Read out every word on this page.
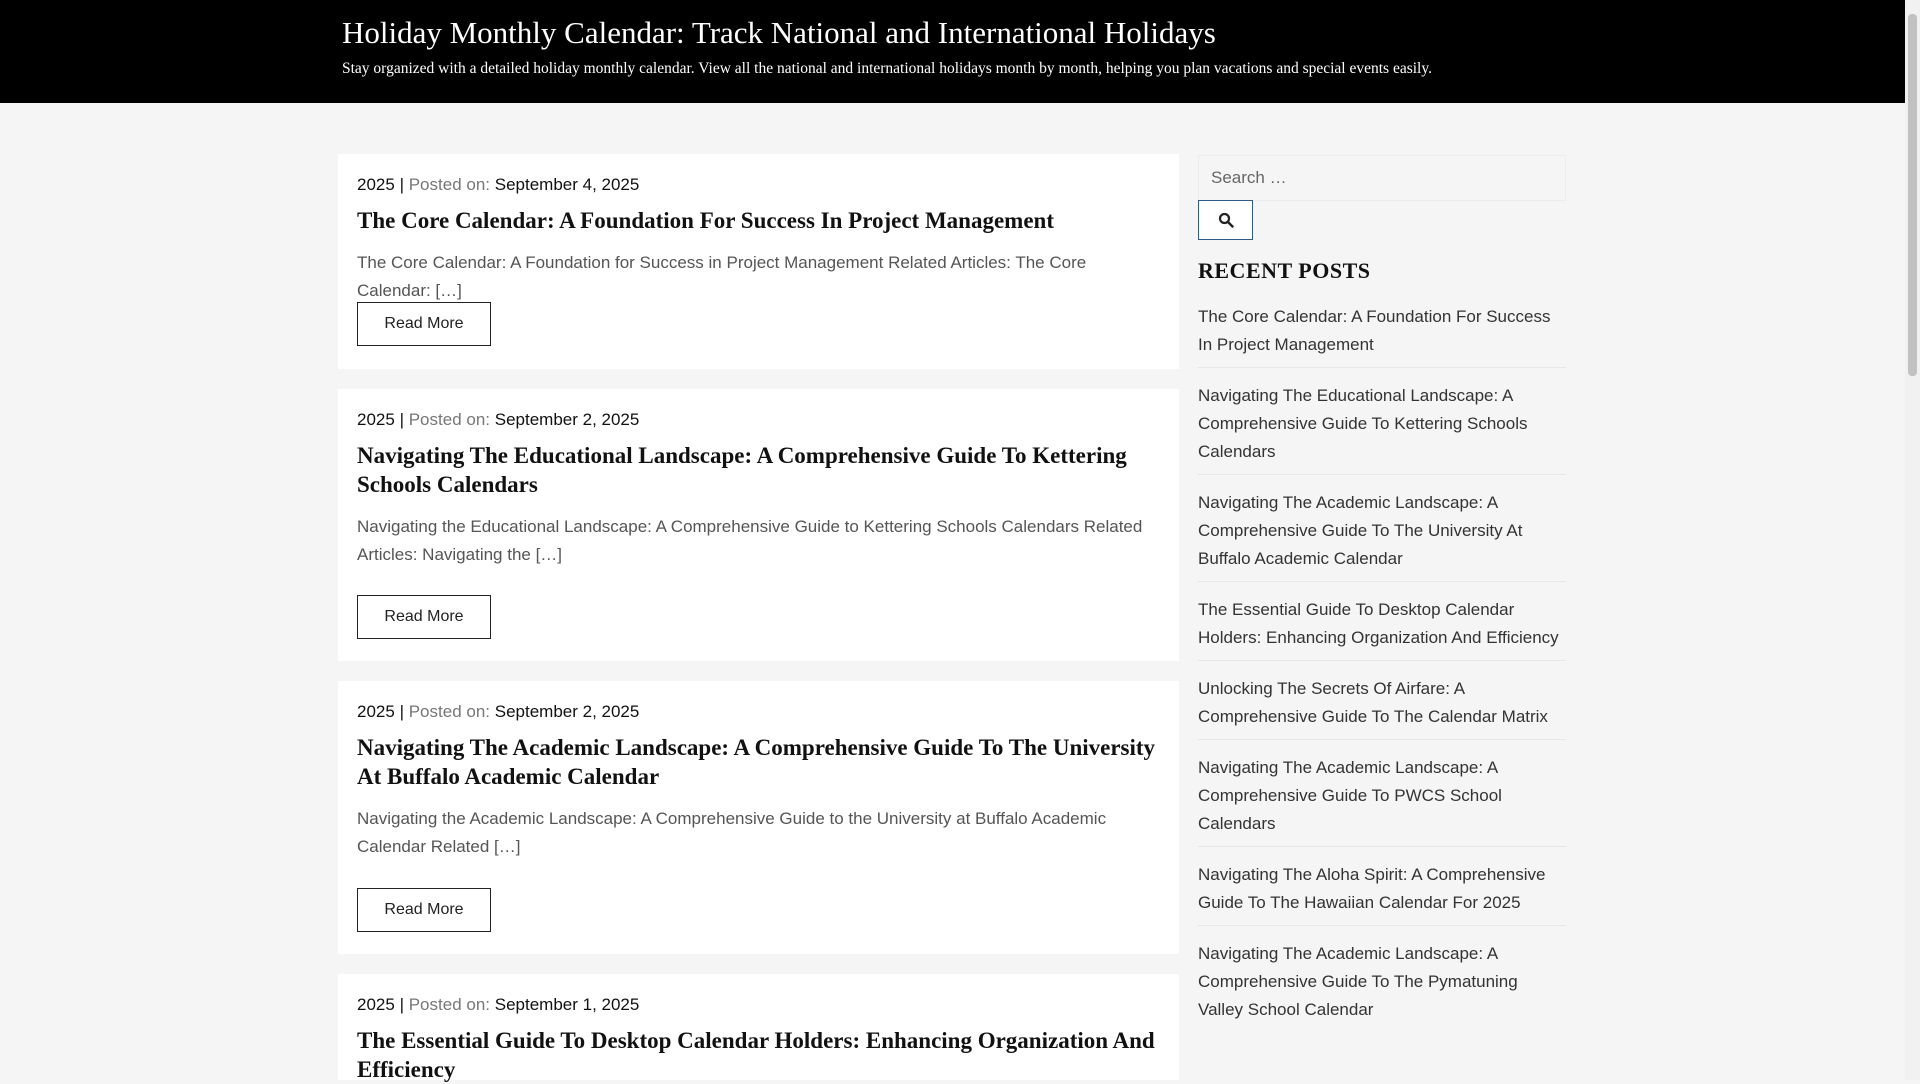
Holiday Monthly Calendar: Track National and International Holidays

Stay organized with a detailed holiday monthly calendar. View all the national and international holidays month by month, helping you plan vacations and special events easily.

2025 | Posted on: September 4, 2025

The Core Calendar: A Foundation For Success In Project Management

The Core Calendar: A Foundation for Success in Project Management Related Articles: The Core Calendar: […]

Read More

2025 | Posted on: September 2, 2025

Navigating The Educational Landscape: A Comprehensive Guide To Kettering Schools Calendars

Navigating the Educational Landscape: A Comprehensive Guide to Kettering Schools Calendars Related Articles: Navigating the […]

Read More

2025 | Posted on: September 2, 2025

Navigating The Academic Landscape: A Comprehensive Guide To The University At Buffalo Academic Calendar

Navigating the Academic Landscape: A Comprehensive Guide to the University at Buffalo Academic Calendar Related […]

Read More

2025 | Posted on: September 1, 2025

The Essential Guide To Desktop Calendar Holders: Enhancing Organization And Efficiency
Search …
RECENT POSTS
The Core Calendar: A Foundation For Success In Project Management
Navigating The Educational Landscape: A Comprehensive Guide To Kettering Schools Calendars
Navigating The Academic Landscape: A Comprehensive Guide To The University At Buffalo Academic Calendar
The Essential Guide To Desktop Calendar Holders: Enhancing Organization And Efficiency
Unlocking The Secrets Of Airfare: A Comprehensive Guide To The Calendar Matrix
Navigating The Academic Landscape: A Comprehensive Guide To PWCS School Calendars
Navigating The Aloha Spirit: A Comprehensive Guide To The Hawaiian Calendar For 2025
Navigating The Academic Landscape: A Comprehensive Guide To The Pymatuning Valley School Calendar
